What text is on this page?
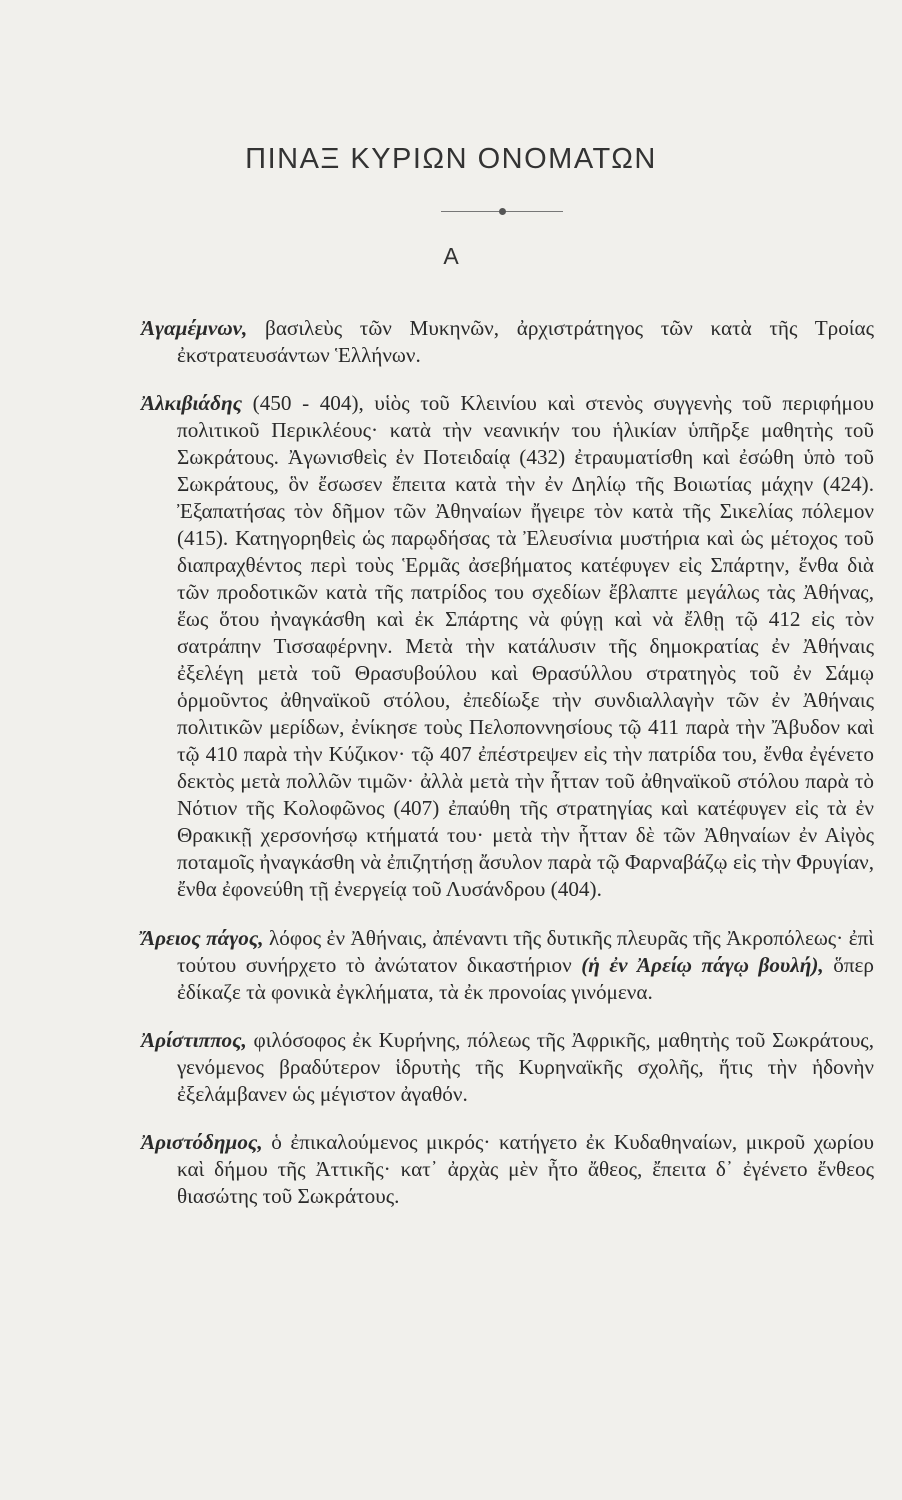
ΠΙΝΑΞ ΚΥΡΙΩΝ ΟΝΟΜΑΤΩΝ
Α

Ἀγαμέμνων, βασιλεὺς τῶν Μυκηνῶν, ἀρχιστράτηγος τῶν κατὰ τῆς Τροίας ἐκστρατευσάντων Ἑλλήνων.

Ἀλκιβιάδης (450 - 404), υἱὸς τοῦ Κλεινίου καὶ στενὸς συγγενὴς τοῦ περιφήμου πολιτικοῦ Περικλέους· κατὰ τὴν νεανικήν του ἡλικίαν ὑπῆρξε μαθητὴς τοῦ Σωκράτους. Ἀγωνισθεὶς ἐν Ποτειδαίᾳ (432) ἐτραυματίσθη καὶ ἐσώθη ὑπὸ τοῦ Σωκράτους, ὃν ἔσωσεν ἔπειτα κατὰ τὴν ἐν Δηλίῳ τῆς Βοιωτίας μάχην (424). Ἐξαπατήσας τὸν δῆμον τῶν Ἀθηναίων ἤγειρε τὸν κατὰ τῆς Σικελίας πόλεμον (415). Κατηγορηθεὶς ὡς παρῳδήσας τὰ Ἐλευσίνια μυστήρια καὶ ὡς μέτοχος τοῦ διαπραχθέντος περὶ τοὺς Ἑρμᾶς ἀσεβήματος κατέφυγεν εἰς Σπάρτην, ἔνθα διὰ τῶν προδοτικῶν κατὰ τῆς πατρίδος του σχεδίων ἔβλαπτε μεγάλως τὰς Ἀθήνας, ἕως ὅτου ἠναγκάσθη καὶ ἐκ Σπάρτης νὰ φύγῃ καὶ νὰ ἔλθῃ τῷ 412 εἰς τὸν σατράπην Τισσαφέρνην. Μετὰ τὴν κατάλυσιν τῆς δημοκρατίας ἐν Ἀθήναις ἐξελέγη μετὰ τοῦ Θρασυβούλου καὶ Θρασύλλου στρατηγὸς τοῦ ἐν Σάμῳ ὁρμοῦντος ἀθηναϊκοῦ στόλου, ἐπεδίωξε τὴν συνδιαλλαγὴν τῶν ἐν Ἀθήναις πολιτικῶν μερίδων, ἐνίκησε τοὺς Πελοποννησίους τῷ 411 παρὰ τὴν Ἄβυδον καὶ τῷ 410 παρὰ τὴν Κύζικον· τῷ 407 ἐπέστρεψεν εἰς τὴν πατρίδα του, ἔνθα ἐγένετο δεκτὸς μετὰ πολλῶν τιμῶν· ἀλλὰ μετὰ τὴν ἧτταν τοῦ ἀθηναϊκοῦ στόλου παρὰ τὸ Νότιον τῆς Κολοφῶνος (407) ἐπαύθη τῆς στρατηγίας καὶ κατέφυγεν εἰς τὰ ἐν Θρακικῇ χερσονήσῳ κτήματά του· μετὰ τὴν ἧτταν δὲ τῶν Ἀθηναίων ἐν Αἰγὸς ποταμοῖς ἠναγκάσθη νὰ ἐπιζητήσῃ ἄσυλον παρὰ τῷ Φαρναβάζῳ εἰς τὴν Φρυγίαν, ἔνθα ἐφονεύθη τῇ ἐνεργείᾳ τοῦ Λυσάνδρου (404).

Ἄρειος πάγος, λόφος ἐν Ἀθήναις, ἀπέναντι τῆς δυτικῆς πλευρᾶς τῆς Ἀκροπόλεως· ἐπὶ τούτου συνήρχετο τὸ ἀνώτατον δικαστήριον (ἡ ἐν Ἀρείῳ πάγῳ βουλή), ὅπερ ἐδίκαζε τὰ φονικὰ ἐγκλήματα, τὰ ἐκ προνοίας γινόμενα.

Ἀρίστιππος, φιλόσοφος ἐκ Κυρήνης, πόλεως τῆς Ἀφρικῆς, μαθητὴς τοῦ Σωκράτους, γενόμενος βραδύτερον ἱδρυτὴς τῆς Κυρηναϊκῆς σχολῆς, ἥτις τὴν ἡδονὴν ἐξελάμβανεν ὡς μέγιστον ἀγαθόν.

Ἀριστόδημος, ὁ ἐπικαλούμενος μικρός· κατήγετο ἐκ Κυδαθηναίων, μικροῦ χωρίου καὶ δήμου τῆς Ἀττικῆς· κατ᾽ ἀρχὰς μὲν ἦτο ἄθεος, ἔπειτα δ᾽ ἐγένετο ἔνθεος θιασώτης τοῦ Σωκράτους.
